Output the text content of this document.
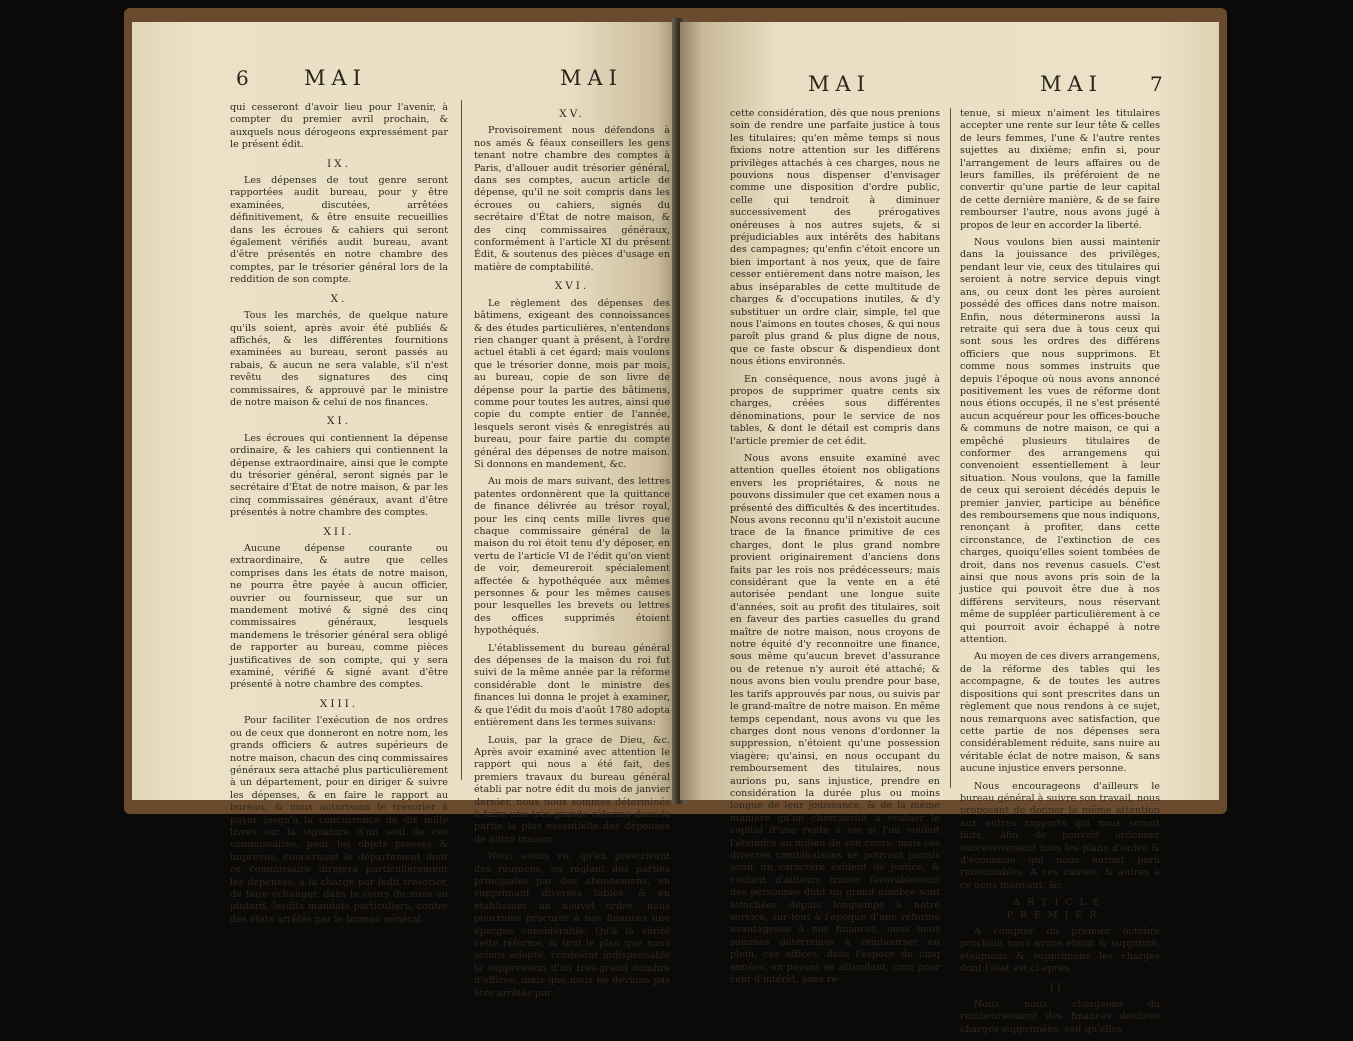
6	MAI	MAI

qui cesseront d'avoir lieu pour l'avenir, à compter du premier avril prochain, & auxquels nous dérogeons expressément par le présent édit.

IX.

Les dépenses de tout genre seront rapportées audit bureau, pour y être examinées, discutées, arrêtées définitivement, & être ensuite recueillies dans les écroues & cahiers qui seront également vérifiés audit bureau, avant d'être présentés en notre chambre des comptes, par le trésorier général lors de la reddition de son compte.

X.

Tous les marchés, de quelque nature qu'ils soient, après avoir été publiés & affichés, & les différentes fournitions examinées au bureau, seront passés au rabais, & aucun ne sera valable, s'il n'est revêtu des signatures des cinq commissaires, & approuvé par le ministre de notre maison & celui de nos finances.

XI.

Les écroues qui contiennent la dépense ordinaire, & les cahiers qui contiennent la dépense extraordinaire, ainsi que le compte du trésorier général, seront signés par le secrétaire d'État de notre maison, & par les cinq commissaires généraux, avant d'être présentés à notre chambre des comptes.

XII.

Aucune dépense courante ou extraordinaire, & autre que celles comprises dans les états de notre maison, ne pourra être payée à aucun officier, ouvrier ou fournisseur, que sur un mandement motivé & signé des cinq commissaires généraux, lesquels mandemens le trésorier général sera obligé de rapporter au bureau, comme pièces justificatives de son compte, qui y sera examiné, vérifié & signé avant d'être présenté à notre chambre des comptes.

XIII.

Pour faciliter l'exécution de nos ordres ou de ceux que donneront en notre nom, les grands officiers & autres supérieurs de notre maison, chacun des cinq commissaires généraux sera attaché plus particulièrement à un département, pour en diriger & suivre les dépenses, & en faire le rapport au bureau; & nous autorisons le trésorier à payer jusqu'à la concurrence de dix mille livres sur la signature d'un seul de ces commissaires, pour les objets pressés & imprévus, concernant le département dont ce commissaire dirigera particulièrement les dépenses, à la charge par ledit trésorier, de faire échanger, dans le cours du mois au plutard, lesdits mandats particuliers, contre des états arrêtés par le bureau général.

XV.

Provisoirement nous défendons à nos amés & féaux conseillers les gens tenant notre chambre des comptes à Paris, d'allouer audit trésorier général, dans ses comptes, aucun article de dépense, qu'il ne soit compris dans les écroues ou cahiers, signés du secrétaire d'État de notre maison, & des cinq commissaires généraux, conformément à l'article XI du présent Édit, & soutenus des pièces d'usage en matière de comptabilité.

XVI.

Le règlement des dépenses des bâtimens, exigeant des connoissances & des études particulières, n'entendons rien changer quant à présent, à l'ordre actuel établi à cet égard; mais voulons que le trésorier donne, mois par mois, au bureau, copie de son livre de dépense pour la partie des bâtimens, comme pour toutes les autres, ainsi que copie du compte entier de l'année, lesquels seront visés & enregistrés au bureau, pour faire partie du compte général des dépenses de notre maison. Si donnons en mandement, &c.

Au mois de mars suivant, des lettres patentes ordonnèrent que la quittance de finance délivrée au trésor royal, pour les cinq cents mille livres que chaque commissaire général de la maison du roi étoit tenu d'y déposer, en vertu de l'article VI de l'édit qu'on vient de voir, demeureroit spécialement affectée & hypothéquée aux mêmes personnes & pour les mêmes causes pour lesquelles les brevets ou lettres des offices supprimés étoient hypothéqués.

L'établissement du bureau général des dépenses de la maison du roi fut suivi de la même année par la réforme considérable dont le ministre des finances lui donna le projet à examiner, & que l'édit du mois d'août 1780 adopta entièrement dans les termes suivans:

Louis, par la grace de Dieu, &c. Après avoir examiné avec attention le rapport qui nous a été fait, des premiers travaux du bureau général établi par notre édit du mois de janvier dernier, nous nous sommes déterminés à faire une très-grande réforme dans la partie la plus essentielle des dépenses de notre maison.

Nous avons vu, qu'en prescrivant des réunions, en réglant des parties principales par des abonnemens, en supprimant diverses tables, & en établissant un nouvel ordre, nous pourrions procurer à nos finances une épargne considérable: Qu'à la vérité cette réforme, & tout le plan que nous avions adopté, rendoient indispensable la suppression d'un très-grand nombre d'offices; mais que nous ne devions pas être arrêtés par

MAI	MAI 7

cette considération, dès que nous prenions soin de rendre une parfaite justice à tous les titulaires; qu'en même temps si nous fixions notre attention sur les différens privilèges attachés à ces charges, nous ne pouvions nous dispenser d'envisager comme une disposition d'ordre public, celle qui tendroit à diminuer successivement des prérogatives onéreuses à nos autres sujets, & si préjudiciables aux intérêts des habitans des campagnes; qu'enfin c'étoit encore un bien important à nos yeux, que de faire cesser entièrement dans notre maison, les abus inséparables de cette multitude de charges & d'occupations inutiles, & d'y substituer un ordre clair, simple, tel que nous l'aimons en toutes choses, & qui nous paroît plus grand & plus digne de nous, que ce faste obscur & dispendieux dont nous étions environnés.

En conséquence, nous avons jugé à propos de supprimer quatre cents six charges, créées sous différentes dénominations, pour le service de nos tables, & dont le détail est compris dans l'article premier de cet édit.

Nous avons ensuite examiné avec attention quelles étoient nos obligations envers les propriétaires, & nous ne pouvons dissimuler que cet examen nous a présenté des difficultés & des incertitudes. Nous avons reconnu qu'il n'existoit aucune trace de la finance primitive de ces charges, dont le plus grand nombre provient originairement d'anciens dons faits par les rois nos prédécesseurs; mais considérant que la vente en a été autorisée pendant une longue suite d'années, soit au profit des titulaires, soit en faveur des parties casuelles du grand maître de notre maison, nous croyons de notre équité d'y reconnoitre une finance, sous même qu'aucun brevet d'assurance ou de retenue n'y auroit été attaché; & nous avons bien voulu prendre pour base, les tarifs approuvés par nous, ou suivis par le grand-maître de notre maison. En même temps cependant, nous avons vu que les charges dont nous venons d'ordonner la suppression, n'étoient qu'une possession viagère; qu'ainsi, en nous occupant du remboursement des titulaires, nous aurions pu, sans injustice, prendre en considération la durée plus ou moins longue de leur jouissance, & de la même manière qu'on chercheroit à évaluer le capital d'une rente à vie si l'on vouloit l'éteindre au milieu de son cours; mais ces diverses combinaisons ne pouvant jamais avoir un caractère évident de justice, & voulant d'ailleurs traiter favorablement des personnes dont un grand nombre sont attachées depuis longtemps à notre service, sur-tout à l'époque d'une réforme avantageuse à nos finances, nous nous sommes déterminés à rembourser en plein, ces offices, dans l'espace de cinq années, en payant en attendant, cinq pour cent d'intérêt, sans re-

tenue, si mieux n'aiment les titulaires accepter une rente sur leur tête & celles de leurs femmes, l'une & l'autre rentes sujettes au dixième; enfin si, pour l'arrangement de leurs affaires ou de leurs familles, ils préféroient de ne convertir qu'une partie de leur capital de cette dernière manière, & de se faire rembourser l'autre, nous avons jugé à propos de leur en accorder la liberté.

Nous voulons bien aussi maintenir dans la jouissance des privilèges, pendant leur vie, ceux des titulaires qui seroient à notre service depuis vingt ans, ou ceux dont les pères auroient possédé des offices dans notre maison. Enfin, nous déterminerons aussi la retraite qui sera due à tous ceux qui sont sous les ordres des différens officiers que nous supprimons. Et comme nous sommes instruits que depuis l'époque où nous avons annoncé positivement les vues de réforme dont nous étions occupés, il ne s'est présenté aucun acquéreur pour les offices-bouche & communs de notre maison, ce qui a empêché plusieurs titulaires de conformer des arrangemens qui convenoient essentiellement à leur situation. Nous voulons, que la famille de ceux qui seroient décédés depuis le premier janvier, participe au bénéfice des remboursemens que nous indiquons, renonçant à profiter, dans cette circonstance, de l'extinction de ces charges, quoiqu'elles soient tombées de droit, dans nos revenus casuels. C'est ainsi que nous avons pris soin de la justice qui pouvoit être due à nos différens serviteurs, nous réservant même de suppléer particulièrement à ce qui pourroit avoir échappé à notre attention.

Au moyen de ces divers arrangemens, de la réforme des tables qui les accompagne, & de toutes les autres dispositions qui sont prescrites dans un règlement que nous rendons à ce sujet, nous remarquons avec satisfaction, que cette partie de nos dépenses sera considérablement réduite, sans nuire au véritable éclat de notre maison, & sans aucune injustice envers personne.

Nous encourageons d'ailleurs le bureau général à suivre son travail, nous proposant de donner la même attention aux autres rapports qui nous seront faits, afin de pouvoir ordonner successivement tous les plans d'ordre & d'économie qui nous auront paru raisonnables. A ces causes, & autres à ce nous mouvant, &c.

ARTICLE PREMIER.

A compter du premier octobre prochain nous avons éteint & supprimé, éteignons & supprimons les charges dont l'état est ci-après.

II.

Nous nous chargeons du remboursement des finances desdites charges supprimées, soit qu'elles
